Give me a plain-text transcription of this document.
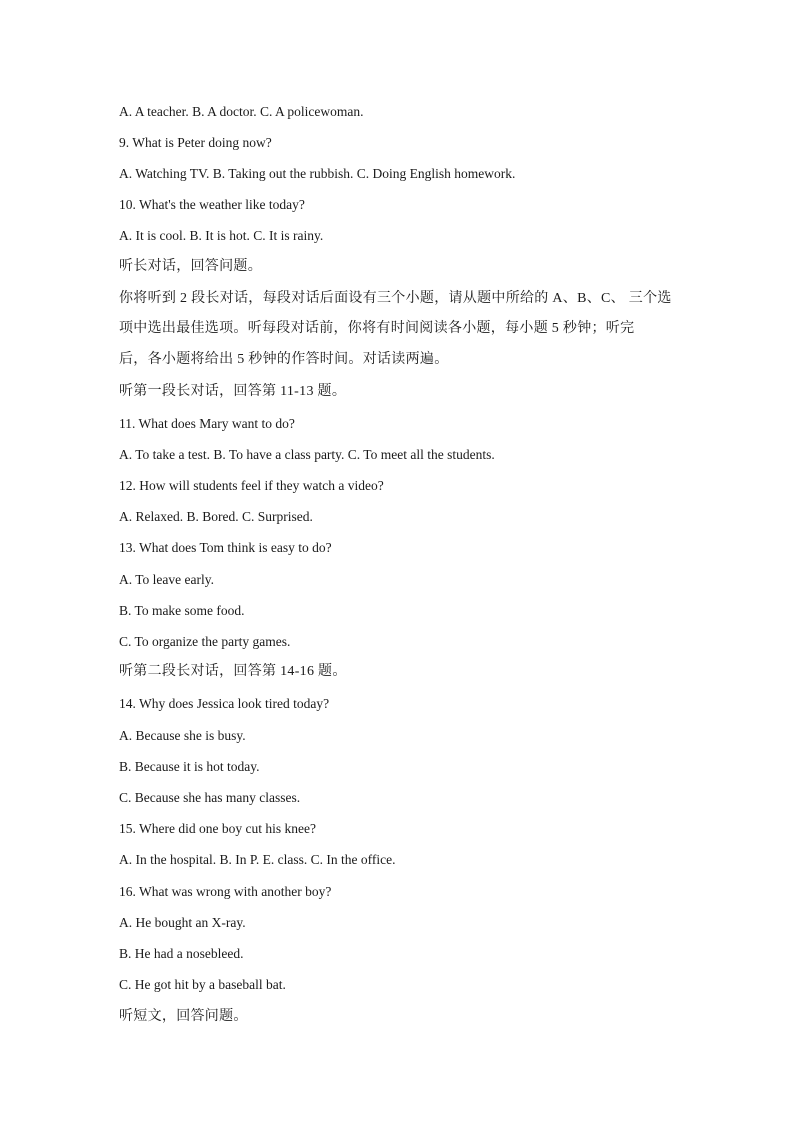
A. A teacher. B. A doctor. C. A policewoman.
9. What is Peter doing now?
A. Watching TV. B. Taking out the rubbish. C. Doing English homework.
10. What's the weather like today?
A. It is cool. B. It is hot. C. It is rainy.
听长对话，回答问题。
你将听到 2 段长对话，每段对话后面设有三个小题，请从题中所给的 A、B、C、 三个选
项中选出最佳选项。听每段对话前，你将有时间阅读各小题，每小题 5 秒钟；听完
后，各小题将给出 5 秒钟的作答时间。对话读两遍。
听第一段长对话，回答第 11-13 题。
11. What does Mary want to do?
A. To take a test. B. To have a class party. C. To meet all the students.
12. How will students feel if they watch a video?
A. Relaxed. B. Bored. C. Surprised.
13. What does Tom think is easy to do?
A. To leave early.
B. To make some food.
C. To organize the party games.
听第二段长对话，回答第 14-16 题。
14. Why does Jessica look tired today?
A. Because she is busy.
B. Because it is hot today.
C. Because she has many classes.
15. Where did one boy cut his knee?
A. In the hospital. B. In P. E. class. C. In the office.
16. What was wrong with another boy?
A. He bought an X-ray.
B. He had a nosebleed.
C. He got hit by a baseball bat.
听短文，回答问题。
